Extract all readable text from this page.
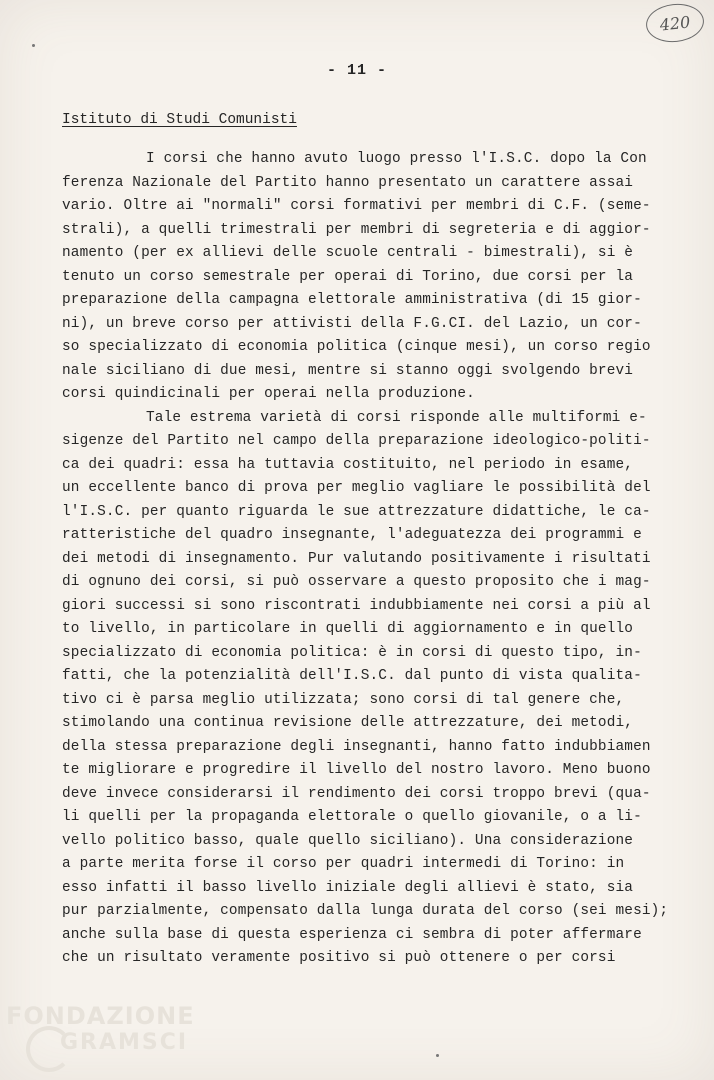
420
- 11 -
Istituto di Studi Comunisti
I corsi che hanno avuto luogo presso l'I.S.C. dopo la Con
ferenza Nazionale del Partito hanno presentato un carattere assai
vario. Oltre ai "normali" corsi formativi per membri di C.F. (seme-
strali), a quelli trimestrali per membri di segreteria e di aggior-
namento (per ex allievi delle scuole centrali - bimestrali), si è
tenuto un corso semestrale per operai di Torino, due corsi per la
preparazione della campagna elettorale amministrativa (di 15 gior-
ni), un breve corso per attivisti della F.G.CI. del Lazio, un cor-
so specializzato di economia politica (cinque mesi), un corso regio
nale siciliano di due mesi, mentre si stanno oggi svolgendo brevi
corsi quindicinali per operai nella produzione.
Tale estrema varietà di corsi risponde alle multiformi e-
sigenze del Partito nel campo della preparazione ideologico-politi-
ca dei quadri: essa ha tuttavia costituito, nel periodo in esame,
un eccellente banco di prova per meglio vagliare le possibilità del
l'I.S.C. per quanto riguarda le sue attrezzature didattiche, le ca-
ratteristiche del quadro insegnante, l'adeguatezza dei programmi e
dei metodi di insegnamento. Pur valutando positivamente i risultati
di ognuno dei corsi, si può osservare a questo proposito che i mag-
giori successi si sono riscontrati indubbiamente nei corsi a più al
to livello, in particolare in quelli di aggiornamento e in quello
specializzato di economia politica: è in corsi di questo tipo, in-
fatti, che la potenzialità dell'I.S.C. dal punto di vista qualita-
tivo ci è parsa meglio utilizzata; sono corsi di tal genere che,
stimolando una continua revisione delle attrezzature, dei metodi,
della stessa preparazione degli insegnanti, hanno fatto indubbiamen
te migliorare e progredire il livello del nostro lavoro. Meno buono
deve invece considerarsi il rendimento dei corsi troppo brevi (qua-
li quelli per la propaganda elettorale o quello giovanile, o a li-
vello politico basso, quale quello siciliano). Una considerazione
a parte merita forse il corso per quadri intermedi di Torino: in
esso infatti il basso livello iniziale degli allievi è stato, sia
pur parzialmente, compensato dalla lunga durata del corso (sei mesi);
anche sulla base di questa esperienza ci sembra di poter affermare
che un risultato veramente positivo si può ottenere o per corsi
FONDAZIONE
GRAMSCI
